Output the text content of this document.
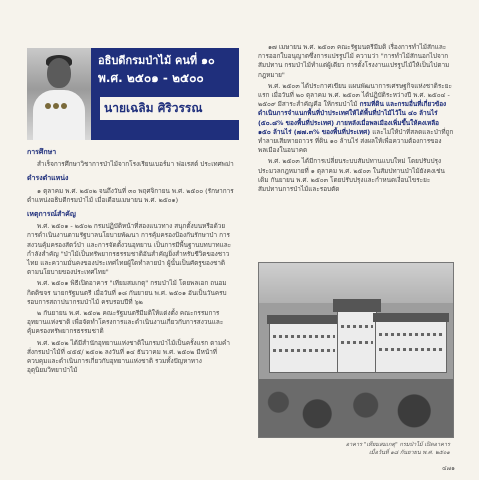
อธิบดีกรมป่าไม้ คนที่ ๑๐
พ.ศ. ๒๕๐๑ - ๒๕๐๐
นายเฉลิม ศิริวรรณ
การศึกษา
สำเร็จการศึกษาวิชาการป่าไม้จากโรงเรียนเบอร์มา ฟอเรสต์ ประเทศพม่า
ดำรงตำแหน่ง
๑ ตุลาคม พ.ศ. ๒๕๐๒ จนถึงวันที่ ๓๐ พฤศจิกายน พ.ศ. ๒๕๐๐ (รักษาการตำแหน่งอธิบดีกรมป่าไม้ เมื่อเดือนเมษายน พ.ศ. ๒๕๐๑)
เหตุการณ์สำคัญ
พ.ศ. ๒๕๐๑ - ๒๕๐๒ กรมปฏิบัติหน้าที่สองแนวทาง สนุกตั้งบนหรือด้วยการดำเนินงานตามรัฐบาลนโยบายพัฒนา การคุ้มครองป้องกันรักษาป่า การสงวนคุ้มครองสัตว์ป่า และการจัดตั้งวนอุทยาน เป็นการมีพื้นฐานบทบาทและกำลังสำคัญ "ป่าไม้เป็นทรัพยากรธรรมชาติอันสำคัญยิ่งสำหรับชีวิตของชาวไทย และความมั่นคงของประเทศไทยผู้ใดทำลายป่า ผู้นั้นเป็นศัตรูของชาติตามนโยบายของประเทศไทย"
พ.ศ. ๒๕๐๑ พิธีเปิดอาคาร "เทียมสมเกตุ" กรมป่าไม้ โดยพลเอก ถนอม กิตติขจร นายกรัฐมนตรี เมื่อวันที่ ๑๘ กันยายน พ.ศ. ๒๕๐๑ อันเป็นวันครบรอบการสถาปนากรมป่าไม้ ครบรอบปีที่ ๖๒
๒ กันยายน พ.ศ. ๒๕๐๒ คณะรัฐมนตรีมีมติให้แต่งตั้ง คณะกรรมการอุทยานแห่งชาติ เพื่อจัดทำโครงการและดำเนินงานเกี่ยวกับการสงวนและคุ้มครองทรัพยากรธรรมชาติ
พ.ศ. ๒๕๐๒ ได้มีสำนักอุทยานแห่งชาติในกรมป่าไม้เป็นครั้งแรก ตามคำสั่งกรมป่าไม้ที่ ๔๕๕/ ๒๕๐๒ ลงวันที่ ๑๔ ธันวาคม พ.ศ. ๒๕๐๒ มีหน้าที่ควบคุมและดำเนินการเกี่ยวกับอุทยานแห่งชาติ รวมทั้งปัญหาทางอุตุนิยมวิทยาป่าไม้
๑๗ เมษายน พ.ศ. ๒๕๐๓ คณะรัฐมนตรีมีมติ เรื่องการทำไม้สักและการออกใบอนุญาตซึ่งการแปรรูปไม้ ความว่า "การทำไม้สักนอกไปจากสัมปทาน กรมป่าไม้ทำแต่ผู้เดียว การตั้งโรงงานแปรรูปไม้ให้เป็นไปตามกฎหมาย"
พ.ศ. ๒๕๐๓ ได้ประกาศเขียน แผนพัฒนาการเศรษฐกิจแห่งชาติระยะแรก เมื่อวันที่ ๒๐ ตุลาคม พ.ศ. ๒๕๐๓ ได้ปฏิบัติระหว่างปี พ.ศ. ๒๕๐๔ - ๒๕๐๙ มีสาระสำคัญคือ ให้กรมป่าไม้ กรมที่ดิน และกรมอื่นที่เกี่ยวข้อง ดำเนินการจำแนกพื้นที่ป่าประเทศให้ได้พื้นที่ป่าไม้ไว้ใน ๔๐ ล้านไร่ (๕๐.๘% ของพื้นที่ประเทศ) ภายหลังเมื่อพลเมืองเพิ่มขึ้นให้คงเหลือ ๑๕๐ ล้านไร่ (๗๗.๓% ของพื้นที่ประเทศ) และไม่ให้ป่าที่สลดและป่าที่ถูกทำลายเสียหายถาวร ที่ดิน ๑๐ ล้านไร่ ส่งผลให้เพื่อความต้องการของพลเมืองในอนาคต
พ.ศ. ๒๕๐๓ ได้มีการเปลี่ยนระบบสัมปทานแบบใหม่ โดยปรับปรุงประมวลกฎหมายที่ ๑ ตุลาคม พ.ศ. ๒๕๐๓ ในสัมปทานป่าไม้ยังคงเช่นเดิม กันยายน พ.ศ. ๒๕๐๓ โดยปรับปรุงและกำหนดเงื่อนไขระยะสัมปทานการป่าไม้และรอบตัด
อาคาร "เทียมสมเกตุ" กรมป่าไม้ เปิดอาคาร
เมื่อวันที่ ๑๘ กันยายน พ.ศ. ๒๕๐๑
๔๗๑
